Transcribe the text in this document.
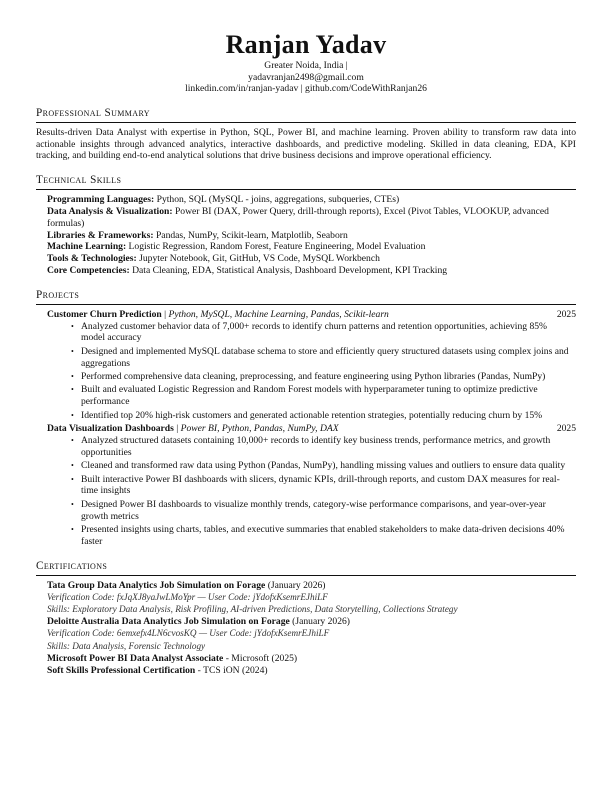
Ranjan Yadav
Greater Noida, India |
yadavranjan2498@gmail.com
linkedin.com/in/ranjan-yadav | github.com/CodeWithRanjan26
Professional Summary
Results-driven Data Analyst with expertise in Python, SQL, Power BI, and machine learning. Proven ability to transform raw data into actionable insights through advanced analytics, interactive dashboards, and predictive modeling. Skilled in data cleaning, EDA, KPI tracking, and building end-to-end analytical solutions that drive business decisions and improve operational efficiency.
Technical Skills
Programming Languages: Python, SQL (MySQL - joins, aggregations, subqueries, CTEs)
Data Analysis & Visualization: Power BI (DAX, Power Query, drill-through reports), Excel (Pivot Tables, VLOOKUP, advanced formulas)
Libraries & Frameworks: Pandas, NumPy, Scikit-learn, Matplotlib, Seaborn
Machine Learning: Logistic Regression, Random Forest, Feature Engineering, Model Evaluation
Tools & Technologies: Jupyter Notebook, Git, GitHub, VS Code, MySQL Workbench
Core Competencies: Data Cleaning, EDA, Statistical Analysis, Dashboard Development, KPI Tracking
Projects
Customer Churn Prediction | Python, MySQL, Machine Learning, Pandas, Scikit-learn	2025
• Analyzed customer behavior data of 7,000+ records to identify churn patterns and retention opportunities, achieving 85% model accuracy
• Designed and implemented MySQL database schema to store and efficiently query structured datasets using complex joins and aggregations
• Performed comprehensive data cleaning, preprocessing, and feature engineering using Python libraries (Pandas, NumPy)
• Built and evaluated Logistic Regression and Random Forest models with hyperparameter tuning to optimize predictive performance
• Identified top 20% high-risk customers and generated actionable retention strategies, potentially reducing churn by 15%
Data Visualization Dashboards | Power BI, Python, Pandas, NumPy, DAX	2025
• Analyzed structured datasets containing 10,000+ records to identify key business trends, performance metrics, and growth opportunities
• Cleaned and transformed raw data using Python (Pandas, NumPy), handling missing values and outliers to ensure data quality
• Built interactive Power BI dashboards with slicers, dynamic KPIs, drill-through reports, and custom DAX measures for real-time insights
• Designed Power BI dashboards to visualize monthly trends, category-wise performance comparisons, and year-over-year growth metrics
• Presented insights using charts, tables, and executive summaries that enabled stakeholders to make data-driven decisions 40% faster
Certifications
Tata Group Data Analytics Job Simulation on Forage (January 2026)
Verification Code: fxJqXJ8yaJwLMoYpr — User Code: jYdofxKsemrEJhiLF
Skills: Exploratory Data Analysis, Risk Profiling, AI-driven Predictions, Data Storytelling, Collections Strategy
Deloitte Australia Data Analytics Job Simulation on Forage (January 2026)
Verification Code: 6emxefx4LN6cvosKQ — User Code: jYdofxKsemrEJhiLF
Skills: Data Analysis, Forensic Technology
Microsoft Power BI Data Analyst Associate - Microsoft (2025)
Soft Skills Professional Certification - TCS iON (2024)
